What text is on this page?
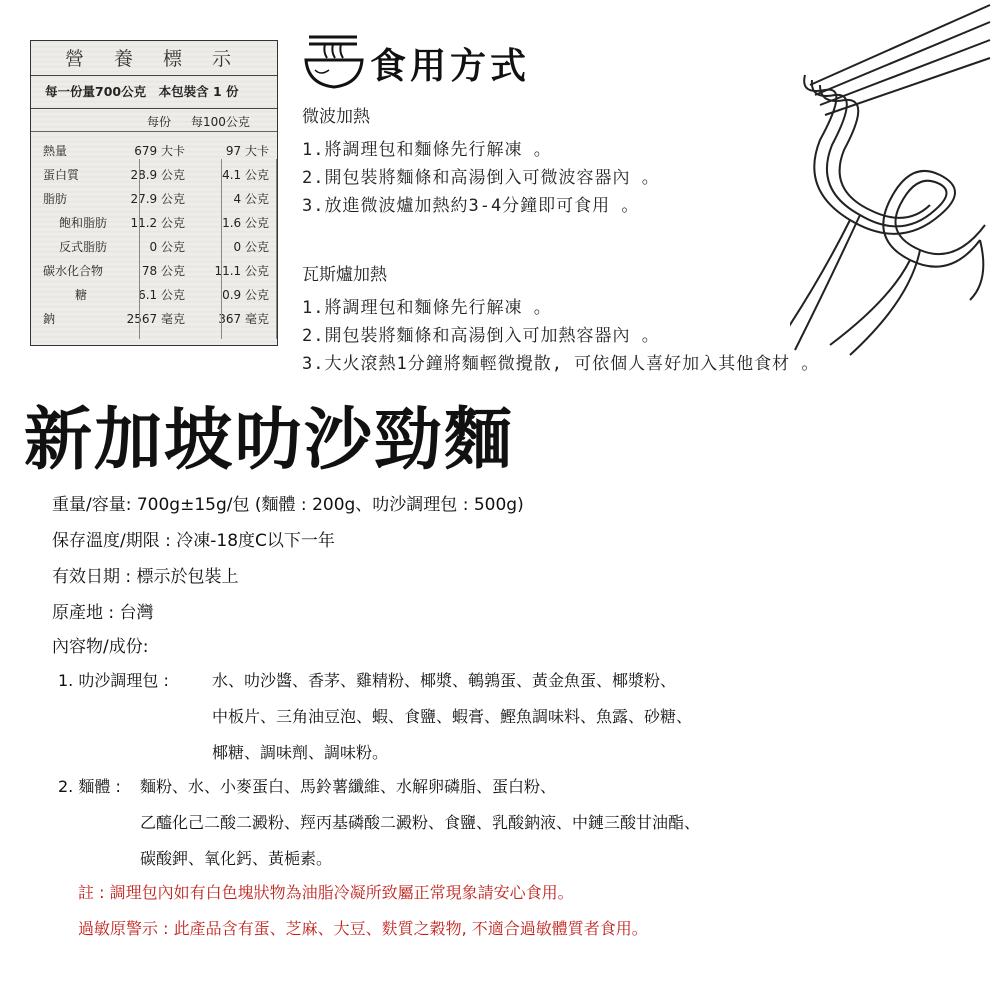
營 養 標 示
每一份量700公克　本包裝含 1 份
每份 每100公克
熱量	679 大卡	97 大卡
蛋白質	28.9 公克	4.1 公克
脂肪	27.9 公克	4 公克
飽和脂肪 11.2 公克	1.6 公克
反式脂肪	0 公克	0 公克
碳水化合物	78 公克 11.1 公克
糖	6.1 公克	0.9 公克
鈉	2567 毫克	367 毫克
食用方式
微波加熱
1.將調理包和麵條先行解凍 。
2.開包裝將麵條和高湯倒入可微波容器內 。
3.放進微波爐加熱約3-4分鐘即可食用 。
瓦斯爐加熱
1.將調理包和麵條先行解凍 。
2.開包裝將麵條和高湯倒入可加熱容器內 。
3.大火滾熱1分鐘將麵輕微攪散, 可依個人喜好加入其他食材 。
新加坡叻沙勁麵
重量/容量: 700g±15g/包 (麵體 : 200g、叻沙調理包 : 500g)
保存溫度/期限 : 冷凍-18度C以下一年
有效日期 : 標示於包裝上
原產地 : 台灣
內容物/成份:
1. 叻沙調理包 :	水、叻沙醬、香茅、雞精粉、椰漿、鵪鶉蛋、黃金魚蛋、椰漿粉、
中板片、三角油豆泡、蝦、食鹽、蝦膏、鰹魚調味料、魚露、砂糖、
椰糖、調味劑、調味粉。
2. 麵體 : 麵粉、水、小麥蛋白、馬鈴薯纖維、水解卵磷脂、蛋白粉、
乙醯化己二酸二澱粉、羥丙基磷酸二澱粉、食鹽、乳酸鈉液、中鏈三酸甘油酯、
碳酸鉀、氧化鈣、黃梔素。
註 : 調理包內如有白色塊狀物為油脂冷凝所致屬正常現象請安心食用。
過敏原警示 : 此產品含有蛋、芝麻、大豆、麩質之穀物, 不適合過敏體質者食用。
